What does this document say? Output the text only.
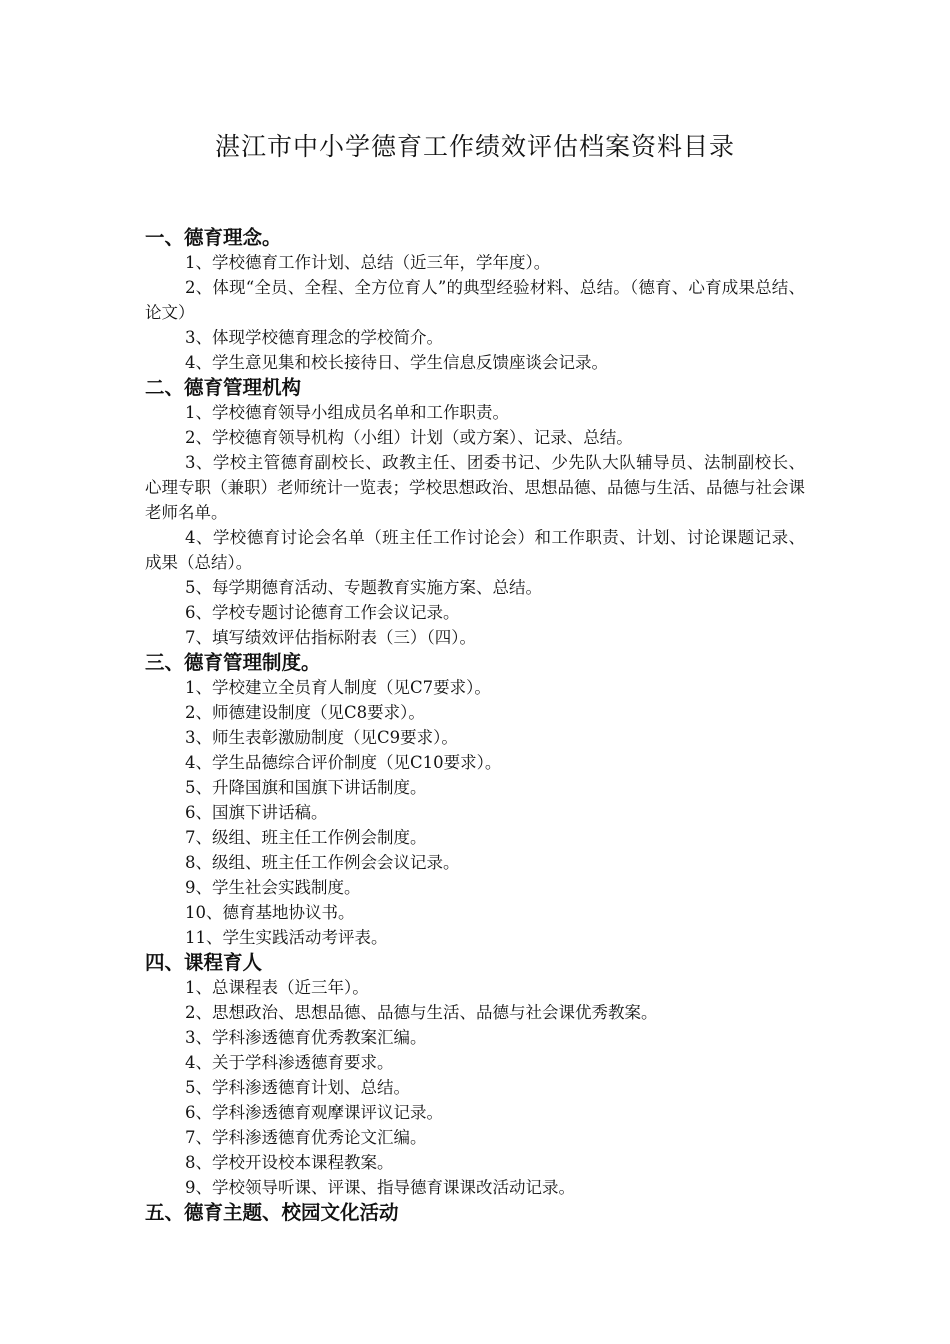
湛江市中小学德育工作绩效评估档案资料目录
一、德育理念。
1、学校德育工作计划、总结（近三年，学年度）。
2、体现“全员、全程、全方位育人”的典型经验材料、总结。（德育、心育成果总结、论文）
3、体现学校德育理念的学校简介。
4、学生意见集和校长接待日、学生信息反馈座谈会记录。
二、德育管理机构
1、学校德育领导小组成员名单和工作职责。
2、学校德育领导机构（小组）计划（或方案）、记录、总结。
3、学校主管德育副校长、政教主任、团委书记、少先队大队辅导员、法制副校长、心理专职（兼职）老师统计一览表；学校思想政治、思想品德、品德与生活、品德与社会课老师名单。
4、学校德育讨论会名单（班主任工作讨论会）和工作职责、计划、讨论课题记录、成果（总结）。
5、每学期德育活动、专题教育实施方案、总结。
6、学校专题讨论德育工作会议记录。
7、填写绩效评估指标附表（三）（四）。
三、德育管理制度。
1、学校建立全员育人制度（见C7要求）。
2、师德建设制度（见C8要求）。
3、师生表彰激励制度（见C9要求）。
4、学生品德综合评价制度（见C10要求）。
5、升降国旗和国旗下讲话制度。
6、国旗下讲话稿。
7、级组、班主任工作例会制度。
8、级组、班主任工作例会会议记录。
9、学生社会实践制度。
10、德育基地协议书。
11、学生实践活动考评表。
四、课程育人
1、总课程表（近三年）。
2、思想政治、思想品德、品德与生活、品德与社会课优秀教案。
3、学科渗透德育优秀教案汇编。
4、关于学科渗透德育要求。
5、学科渗透德育计划、总结。
6、学科渗透德育观摩课评议记录。
7、学科渗透德育优秀论文汇编。
8、学校开设校本课程教案。
9、学校领导听课、评课、指导德育课课改活动记录。
五、德育主题、校园文化活动
